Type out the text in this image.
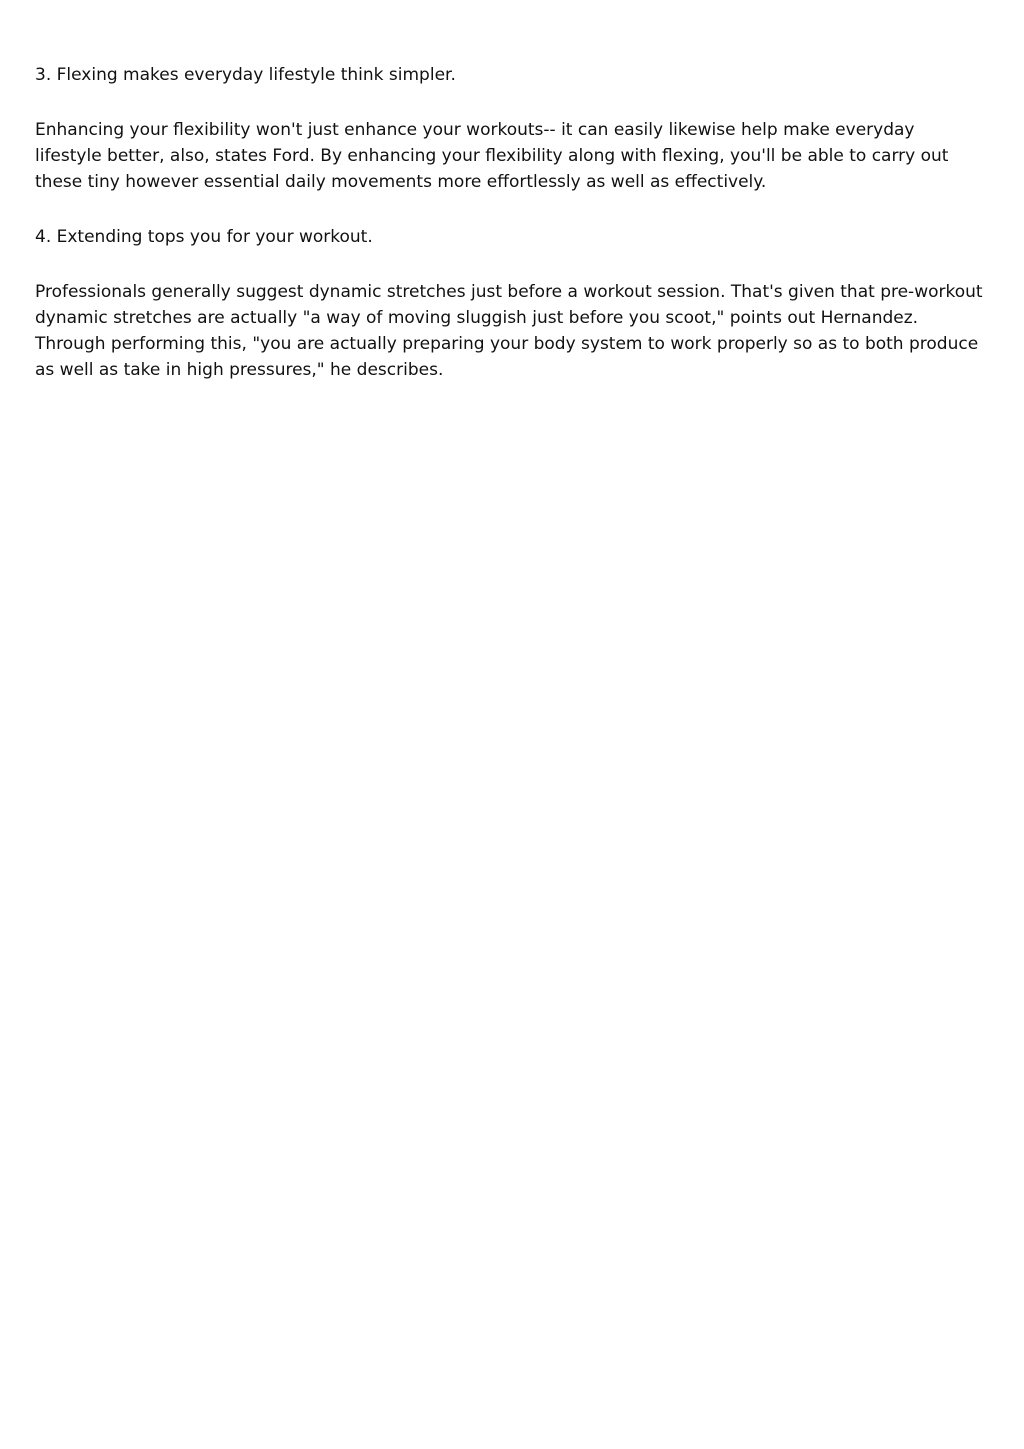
3. Flexing makes everyday lifestyle think simpler.

Enhancing your flexibility won't just enhance your workouts-- it can easily likewise help make everyday lifestyle better, also, states Ford. By enhancing your flexibility along with flexing, you'll be able to carry out these tiny however essential daily movements more effortlessly as well as effectively.

4. Extending tops you for your workout.

Professionals generally suggest dynamic stretches just before a workout session. That's given that pre-workout dynamic stretches are actually "a way of moving sluggish just before you scoot," points out Hernandez. Through performing this, "you are actually preparing your body system to work properly so as to both produce as well as take in high pressures," he describes.
